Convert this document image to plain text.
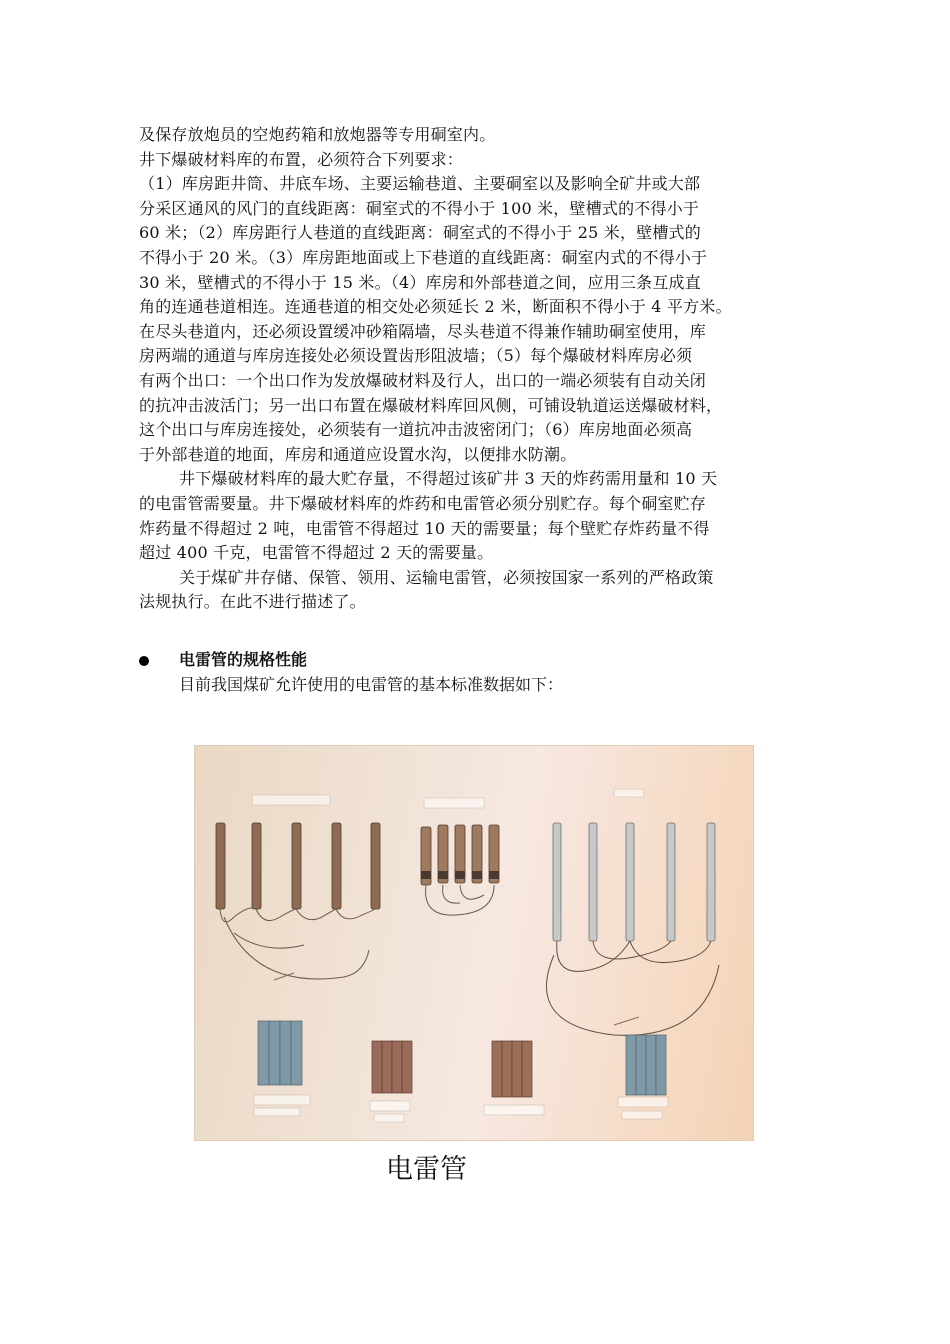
及保存放炮员的空炮药箱和放炮器等专用硐室内。

井下爆破材料库的布置，必须符合下列要求：

（1）库房距井筒、井底车场、主要运输巷道、主要硐室以及影响全矿井或大部

分采区通风的风门的直线距离：硐室式的不得小于 100 米，壁槽式的不得小于

60 米；（2）库房距行人巷道的直线距离：硐室式的不得小于 25 米，壁槽式的

不得小于 20 米。（3）库房距地面或上下巷道的直线距离：硐室内式的不得小于

30 米，壁槽式的不得小于 15 米。（4）库房和外部巷道之间，应用三条互成直

角的连通巷道相连。连通巷道的相交处必须延长 2 米，断面积不得小于 4 平方米。

在尽头巷道内，还必须设置缓冲砂箱隔墙，尽头巷道不得兼作辅助硐室使用，库

房两端的通道与库房连接处必须设置齿形阻波墙；（5）每个爆破材料库房必须

有两个出口：一个出口作为发放爆破材料及行人，出口的一端必须装有自动关闭

的抗冲击波活门；另一出口布置在爆破材料库回风侧，可铺设轨道运送爆破材料，

这个出口与库房连接处，必须装有一道抗冲击波密闭门；（6）库房地面必须高

于外部巷道的地面，库房和通道应设置水沟，以便排水防潮。

井下爆破材料库的最大贮存量，不得超过该矿井 3 天的炸药需用量和 10 天

的电雷管需要量。井下爆破材料库的炸药和电雷管必须分别贮存。每个硐室贮存

炸药量不得超过 2 吨，电雷管不得超过 10 天的需要量；每个壁贮存炸药量不得

超过 400 千克，电雷管不得超过 2 天的需要量。

关于煤矿井存储、保管、领用、运输电雷管，必须按国家一系列的严格政策

法规执行。在此不进行描述了。

电雷管的规格性能
目前我国煤矿允许使用的电雷管的基本标准数据如下：
电雷管
